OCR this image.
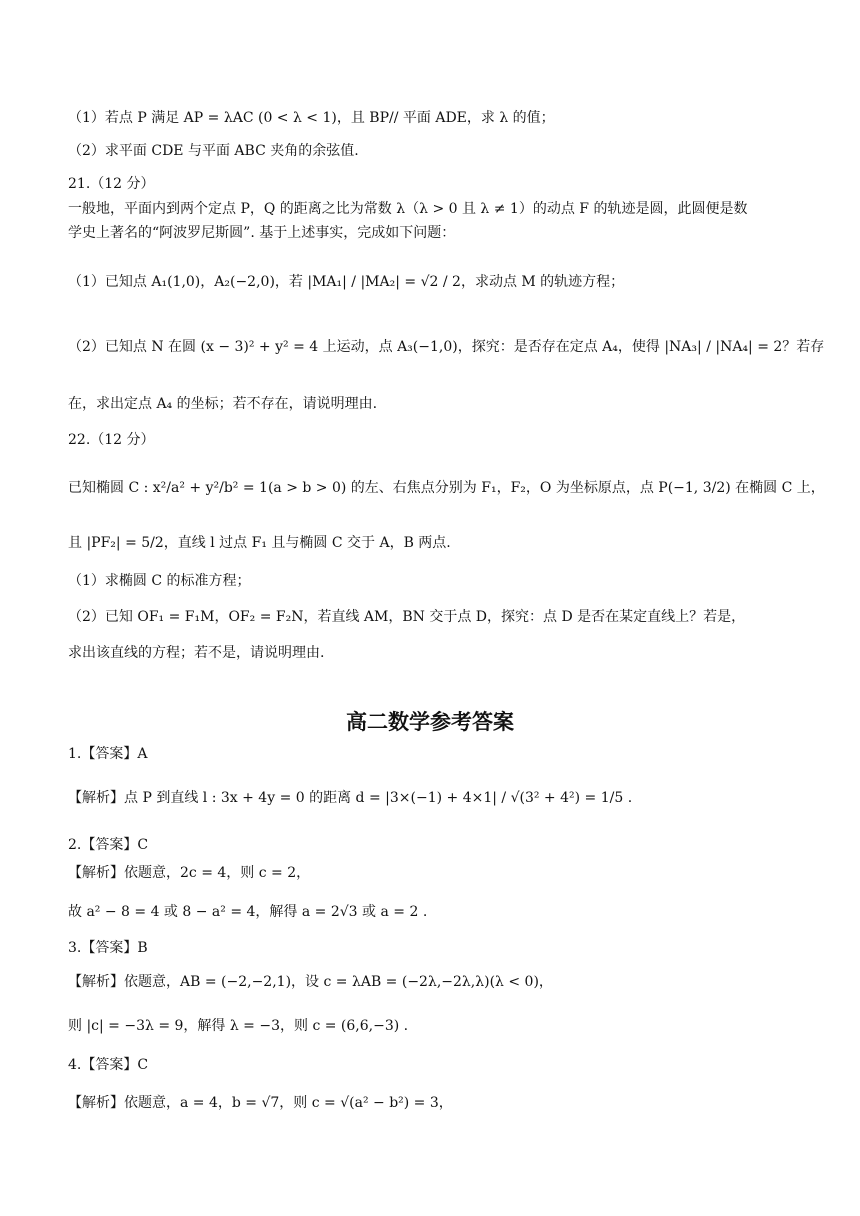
（1）若点 P 满足 AP = λAC (0 < λ < 1)，且 BP// 平面 ADE，求 λ 的值；
（2）求平面 CDE 与平面 ABC 夹角的余弦值.
21.（12 分）
一般地，平面内到两个定点 P，Q 的距离之比为常数 λ（λ > 0 且 λ ≠ 1）的动点 F 的轨迹是圆，此圆便是数
学史上著名的“阿波罗尼斯圆”. 基于上述事实，完成如下问题：
（1）已知点 A₁(1,0)，A₂(−2,0)，若 |MA₁| / |MA₂| = √2 / 2，求动点 M 的轨迹方程；
（2）已知点 N 在圆 (x − 3)² + y² = 4 上运动，点 A₃(−1,0)，探究：是否存在定点 A₄，使得 |NA₃| / |NA₄| = 2？若存
在，求出定点 A₄ 的坐标；若不存在，请说明理由.
22.（12 分）
已知椭圆 C : x²/a² + y²/b² = 1(a > b > 0) 的左、右焦点分别为 F₁，F₂，O 为坐标原点，点 P(−1, 3/2) 在椭圆 C 上，
且 |PF₂| = 5/2，直线 l 过点 F₁ 且与椭圆 C 交于 A，B 两点.
（1）求椭圆 C 的标准方程；
（2）已知 OF₁ = F₁M，OF₂ = F₂N，若直线 AM，BN 交于点 D，探究：点 D 是否在某定直线上？若是，
求出该直线的方程；若不是，请说明理由.
高二数学参考答案
1.【答案】A
【解析】点 P 到直线 l : 3x + 4y = 0 的距离 d = |3×(−1) + 4×1| / √(3² + 4²) = 1/5 .
2.【答案】C
【解析】依题意，2c = 4，则 c = 2，
故 a² − 8 = 4 或 8 − a² = 4，解得 a = 2√3 或 a = 2 .
3.【答案】B
【解析】依题意，AB = (−2,−2,1)，设 c = λAB = (−2λ,−2λ,λ)(λ < 0)，
则 |c| = −3λ = 9，解得 λ = −3，则 c = (6,6,−3) .
4.【答案】C
【解析】依题意，a = 4，b = √7，则 c = √(a² − b²) = 3，
